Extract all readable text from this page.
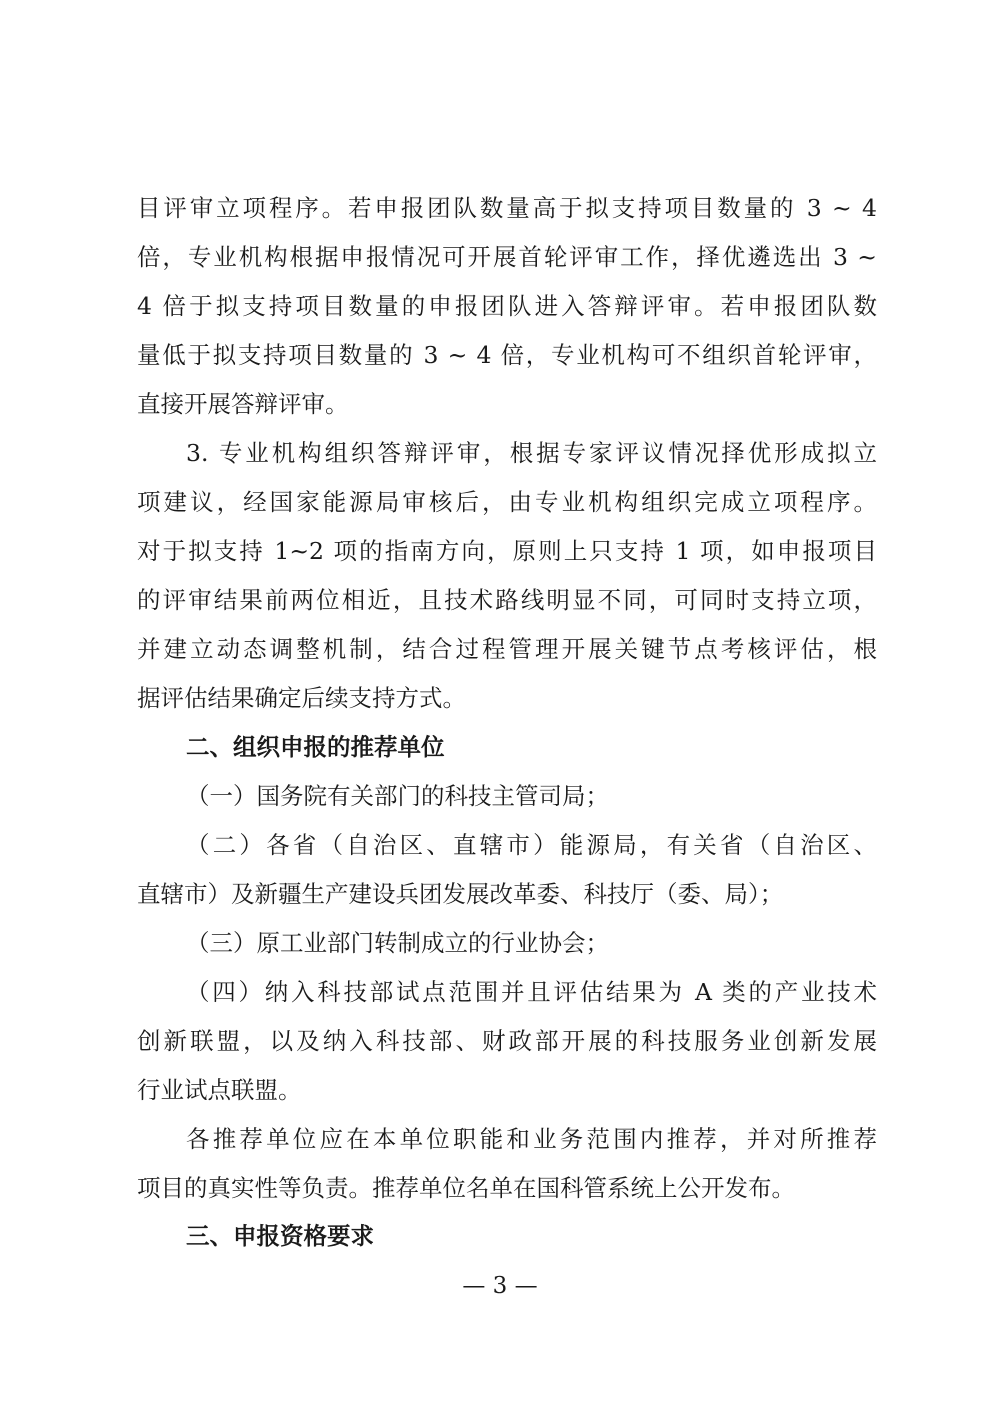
目评审立项程序。若申报团队数量高于拟支持项目数量的 3 ~ 4
倍，专业机构根据申报情况可开展首轮评审工作，择优遴选出 3 ~
4 倍于拟支持项目数量的申报团队进入答辩评审。若申报团队数
量低于拟支持项目数量的 3 ~ 4 倍，专业机构可不组织首轮评审，
直接开展答辩评审。
3. 专业机构组织答辩评审，根据专家评议情况择优形成拟立
项建议，经国家能源局审核后，由专业机构组织完成立项程序。
对于拟支持 1~2 项的指南方向，原则上只支持 1 项，如申报项目
的评审结果前两位相近，且技术路线明显不同，可同时支持立项，
并建立动态调整机制，结合过程管理开展关键节点考核评估，根
据评估结果确定后续支持方式。
二、组织申报的推荐单位
（一）国务院有关部门的科技主管司局；
（二）各省（自治区、直辖市）能源局，有关省（自治区、
直辖市）及新疆生产建设兵团发展改革委、科技厅（委、局）；
（三）原工业部门转制成立的行业协会；
（四）纳入科技部试点范围并且评估结果为 A 类的产业技术
创新联盟，以及纳入科技部、财政部开展的科技服务业创新发展
行业试点联盟。
各推荐单位应在本单位职能和业务范围内推荐，并对所推荐
项目的真实性等负责。推荐单位名单在国科管系统上公开发布。
三、申报资格要求
— 3 —
